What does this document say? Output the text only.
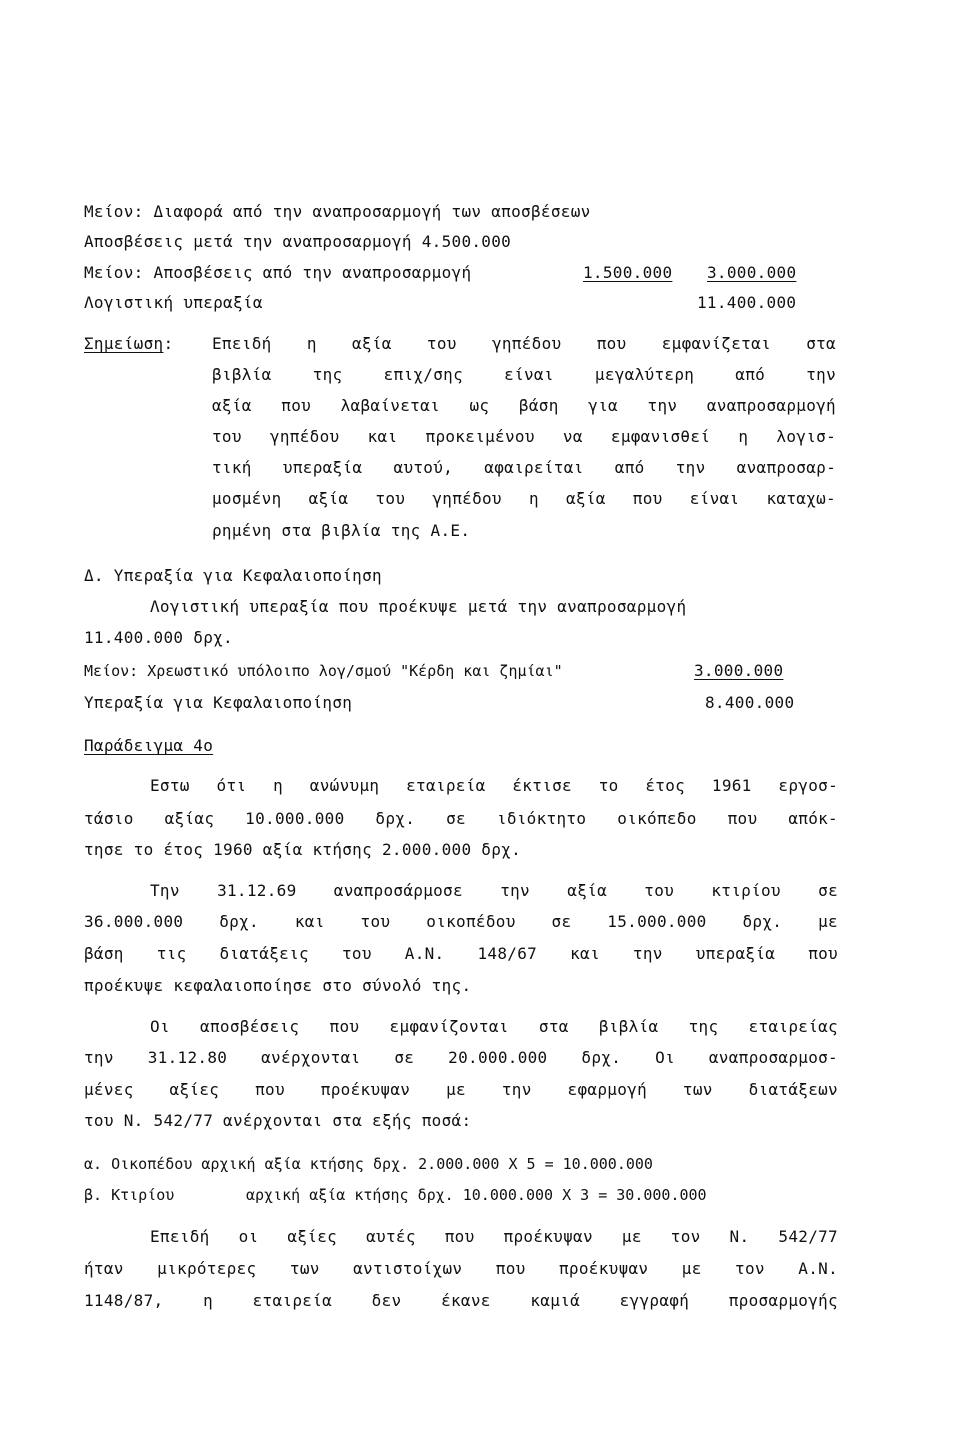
Μείον: Διαφορά από την αναπροσαρμογή των αποσβέσεων
Αποσβέσεις μετά την αναπροσαρμογή 4.500.000
Μείον: Αποσβέσεις από την αναπροσαρμογή	1.500.000 3.000.000
Λογιστική υπεραξία	11.400.000
Σημείωση: Επειδή η αξία του γηπέδου που εμφανίζεται στα
βιβλία της επιχ/σης είναι μεγαλύτερη από την
αξία που λαβαίνεται ως βάση για την αναπροσαρμογή
του γηπέδου και προκειμένου να εμφανισθεί η λογισ-
τική υπεραξία αυτού, αφαιρείται από την αναπροσαρ-
μοσμένη αξία του γηπέδου η αξία που είναι καταχω-
ρημένη στα βιβλία της Α.Ε.
Δ. Υπεραξία για Κεφαλαιοποίηση
Λογιστική υπεραξία που προέκυψε μετά την αναπροσαρμογή
11.400.000 δρχ.
Μείον: Χρεωστικό υπόλοιπο λογ/σμού "Κέρδη και ζημίαι"	3.000.000
Υπεραξία για Κεφαλαιοποίηση	8.400.000
Παράδειγμα 4ο
Εστω ότι η ανώνυμη εταιρεία έκτισε το έτος 1961 εργοσ-
τάσιο αξίας 10.000.000 δρχ. σε ιδιόκτητο οικόπεδο που απόκ-
τησε το έτος 1960 αξία κτήσης 2.000.000 δρχ.
Την 31.12.69 αναπροσάρμοσε την αξία του κτιρίου σε
36.000.000 δρχ. και του οικοπέδου σε 15.000.000 δρχ. με
βάση τις διατάξεις του Α.Ν. 148/67 και την υπεραξία που
προέκυψε κεφαλαιοποίησε στο σύνολό της.
Οι αποσβέσεις που εμφανίζονται στα βιβλία της εταιρείας
την 31.12.80 ανέρχονται σε 20.000.000 δρχ. Οι αναπροσαρμοσ-
μένες αξίες που προέκυψαν με την εφαρμογή των διατάξεων
του Ν. 542/77 ανέρχονται στα εξής ποσά:
α. Οικοπέδου αρχική αξία κτήσης δρχ. 2.000.000 X 5 = 10.000.000
β. Κτιρίου	αρχική αξία κτήσης δρχ. 10.000.000 X 3 = 30.000.000
Επειδή οι αξίες αυτές που προέκυψαν με τον Ν. 542/77
ήταν μικρότερες των αντιστοίχων που προέκυψαν με τον Α.Ν.
1148/87, η εταιρεία δεν έκανε καμιά εγγραφή προσαρμογής
